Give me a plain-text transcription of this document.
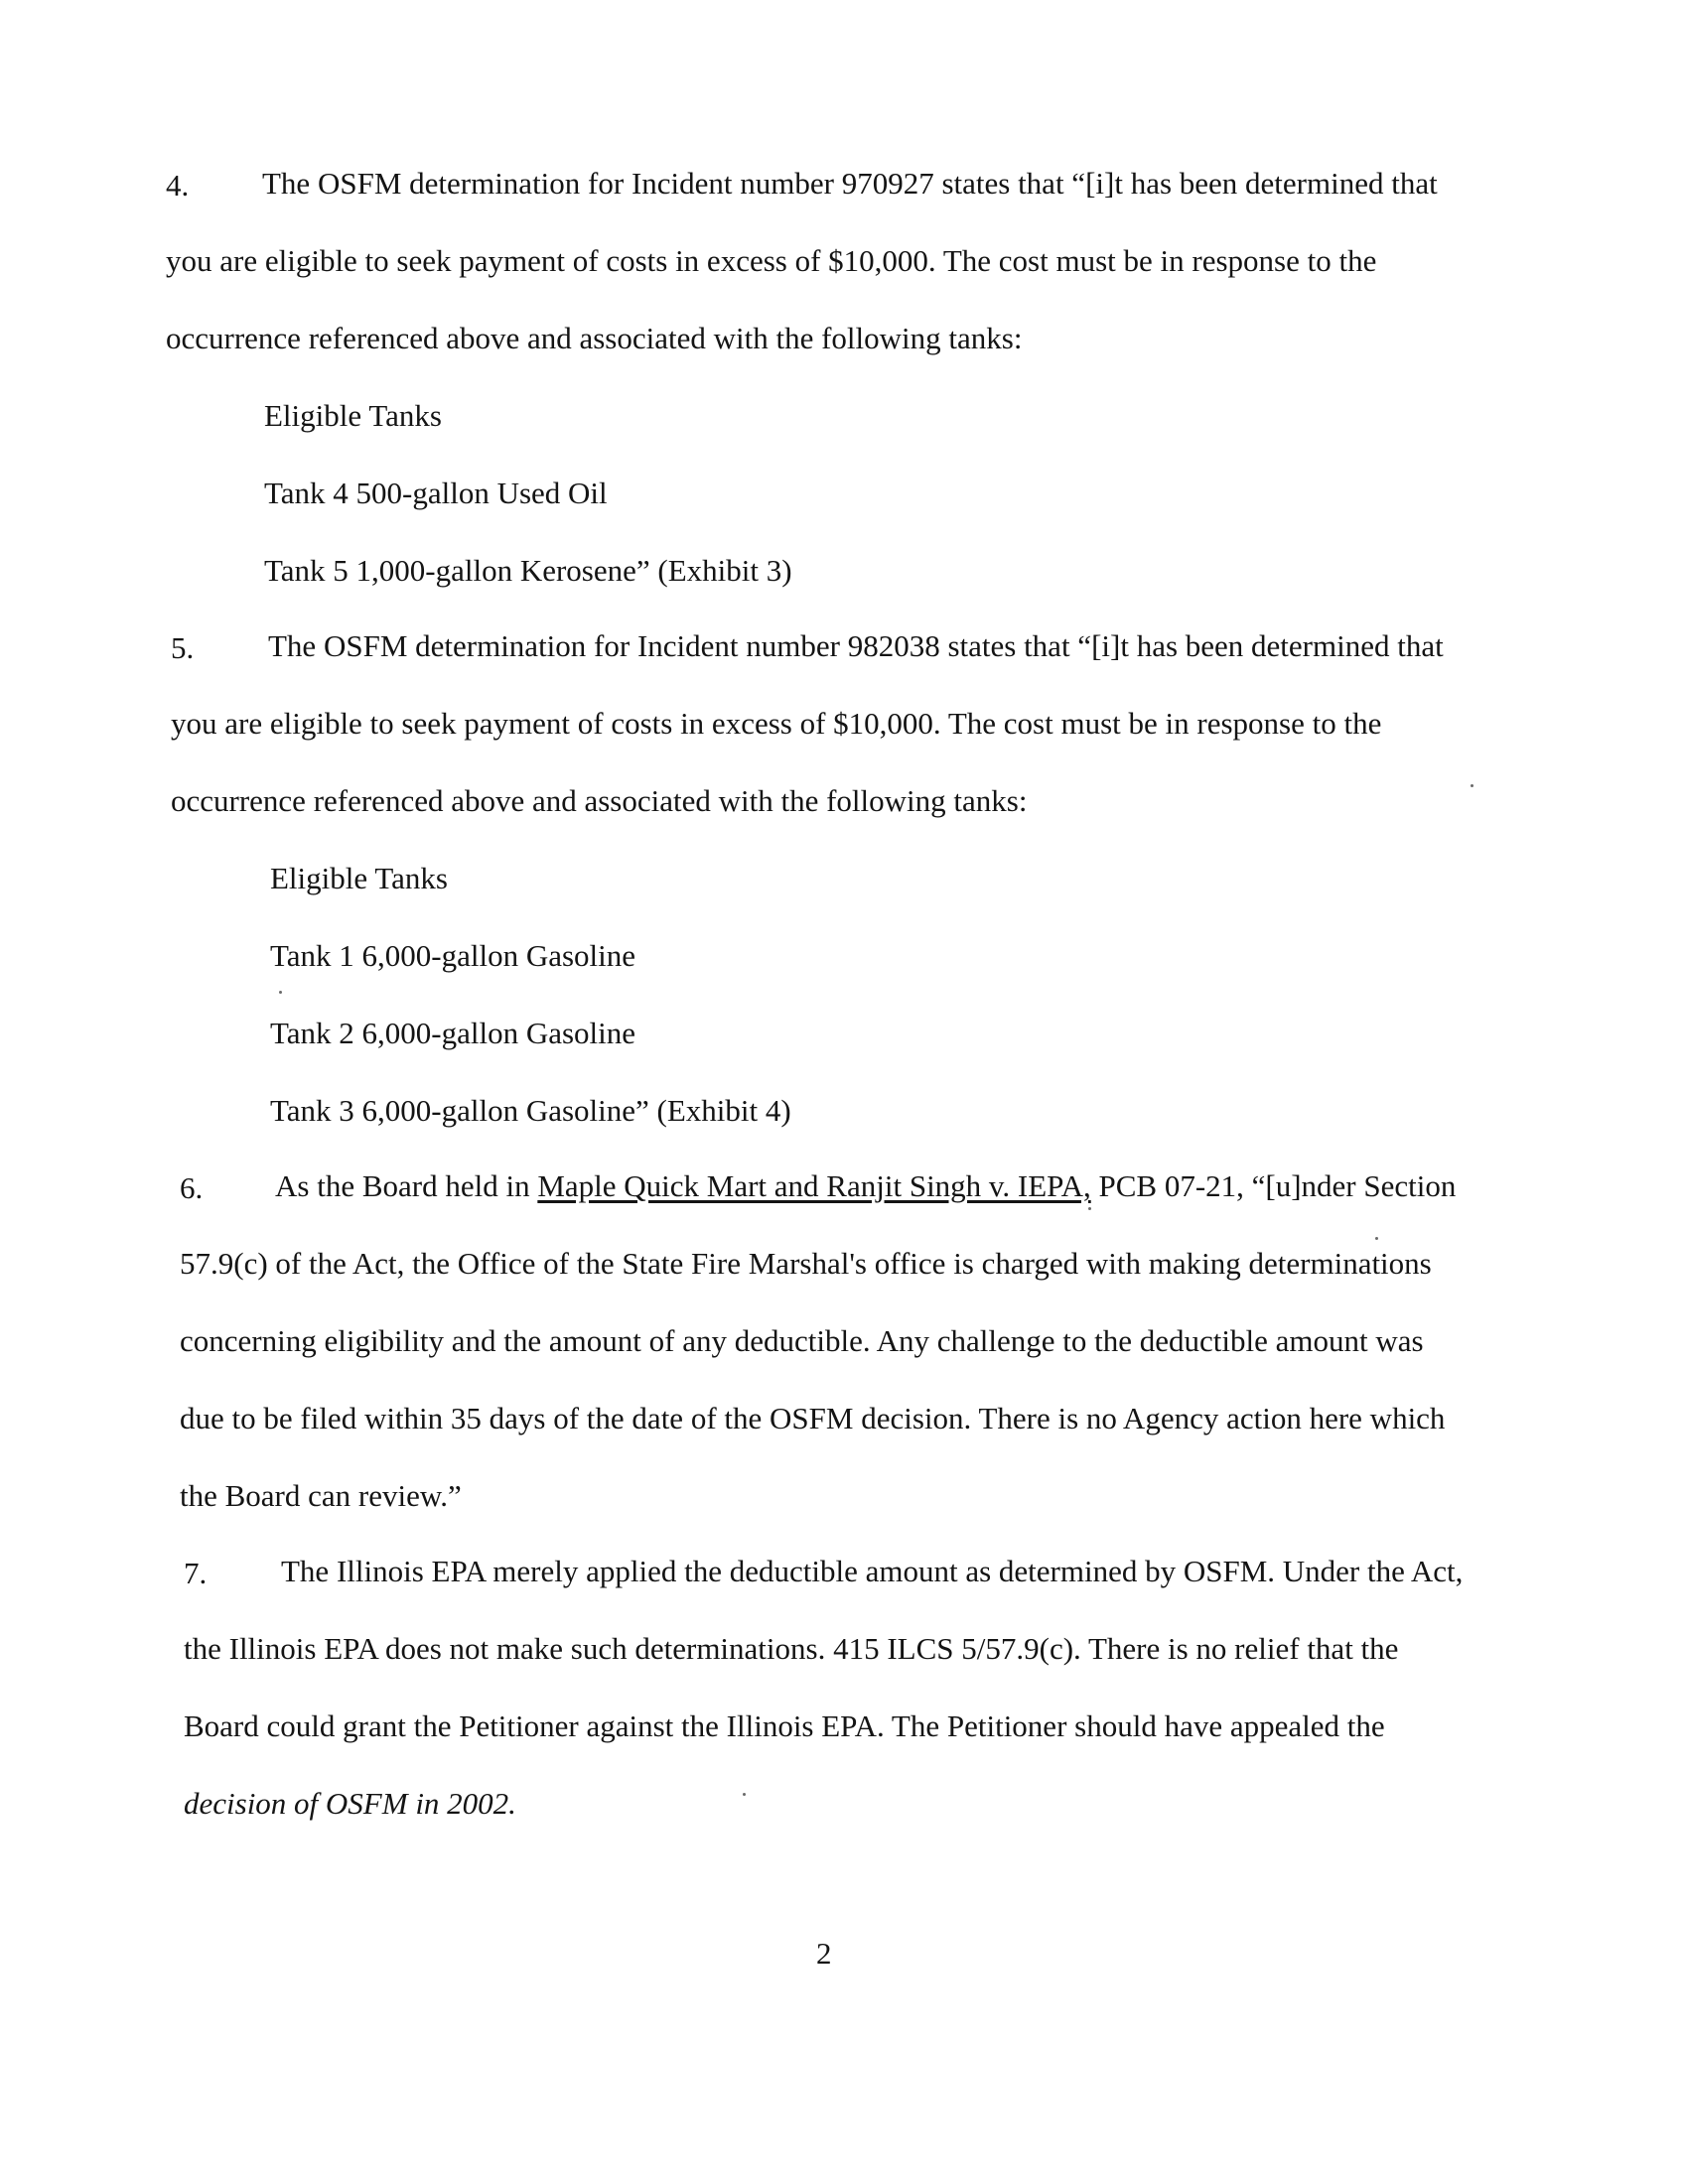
4. The OSFM determination for Incident number 970927 states that “[i]t has been determined that
you are eligible to seek payment of costs in excess of $10,000. The cost must be in response to the
occurrence referenced above and associated with the following tanks:
Eligible Tanks
Tank 4 500-gallon Used Oil
Tank 5 1,000-gallon Kerosene” (Exhibit 3)
5. The OSFM determination for Incident number 982038 states that “[i]t has been determined that
you are eligible to seek payment of costs in excess of $10,000. The cost must be in response to the
occurrence referenced above and associated with the following tanks:
Eligible Tanks
Tank 1 6,000-gallon Gasoline
Tank 2 6,000-gallon Gasoline
Tank 3 6,000-gallon Gasoline” (Exhibit 4)
6. As the Board held in Maple Quick Mart and Ranjit Singh v. IEPA, PCB 07-21, “[u]nder Section
57.9(c) of the Act, the Office of the State Fire Marshal's office is charged with making determinations
concerning eligibility and the amount of any deductible. Any challenge to the deductible amount was
due to be filed within 35 days of the date of the OSFM decision. There is no Agency action here which
the Board can review.”
7. The Illinois EPA merely applied the deductible amount as determined by OSFM. Under the Act,
the Illinois EPA does not make such determinations. 415 ILCS 5/57.9(c). There is no relief that the
Board could grant the Petitioner against the Illinois EPA. The Petitioner should have appealed the
decision of OSFM in 2002.
2
